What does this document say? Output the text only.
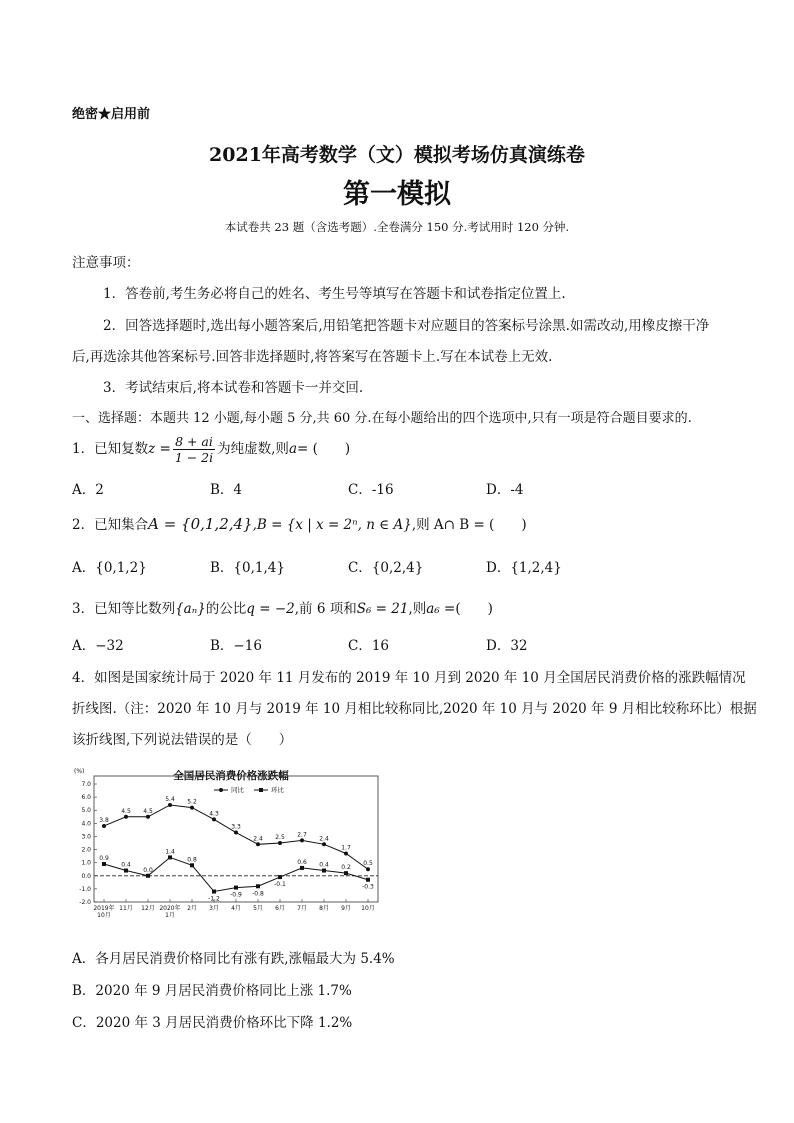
绝密★启用前
2021年高考数学（文）模拟考场仿真演练卷
第一模拟
本试卷共 23 题（含选考题）.全卷满分 150 分.考试用时 120 分钟.
注意事项：
1．答卷前,考生务必将自己的姓名、考生号等填写在答题卡和试卷指定位置上.
2．回答选择题时,选出每小题答案后,用铅笔把答题卡对应题目的答案标号涂黑.如需改动,用橡皮擦干净
后,再选涂其他答案标号.回答非选择题时,将答案写在答题卡上.写在本试卷上无效.
3．考试结束后,将本试卷和答题卡一并交回.
一、选择题：本题共 12 小题,每小题 5 分,共 60 分.在每小题给出的四个选项中,只有一项是符合题目要求的.
1．已知复数$z = \frac{8 + ai}{1 - 2i}$ 为纯虚数,则a= (　　)
A．2	B．4	C．-16	D．-4
2．已知集合A = {0,1,2,4},B = {x | x = 2ⁿ, n ∈ A},则 A∩ B = (　　)
A．{0,1,2}	B．{0,1,4}	C．{0,2,4}	D．{1,2,4}
3．已知等比数列{aₙ}的公比q = −2,前 6 项和S₆ = 21,则a₆ =(　　)
A．−32	B．−16	C．16	D．32
4．如图是国家统计局于 2020 年 11 月发布的 2019 年 10 月到 2020 年 10 月全国居民消费价格的涨跌幅情况
折线图.（注：2020 年 10 月与 2019 年 10 月相比较称同比,2020 年 10 月与 2020 年 9 月相比较称环比）根据
该折线图,下列说法错误的是（　　）
全国居民消费价格涨跌幅
(%)
7.0
6.0
5.0
4.0
3.0
2.0
1.0
0.0
-1.0
-2.0
2019年
10月
11月 12月 2020年
1月
2月 3月 4月 5月 6月 7月 8月 9月 10月
3.8
4.5 4.5
5.4 5.2
4.3
3.3
2.4 2.5 2.7
2.4
1.7
0.5
0.9
0.4
0.0
1.4
0.8
-1.2
-0.9 -0.8
-0.1
0.6 0.4 0.2
-0.3
同比	环比
A．各月居民消费价格同比有涨有跌,涨幅最大为 5.4%
B．2020 年 9 月居民消费价格同比上涨 1.7%
C．2020 年 3 月居民消费价格环比下降 1.2%
